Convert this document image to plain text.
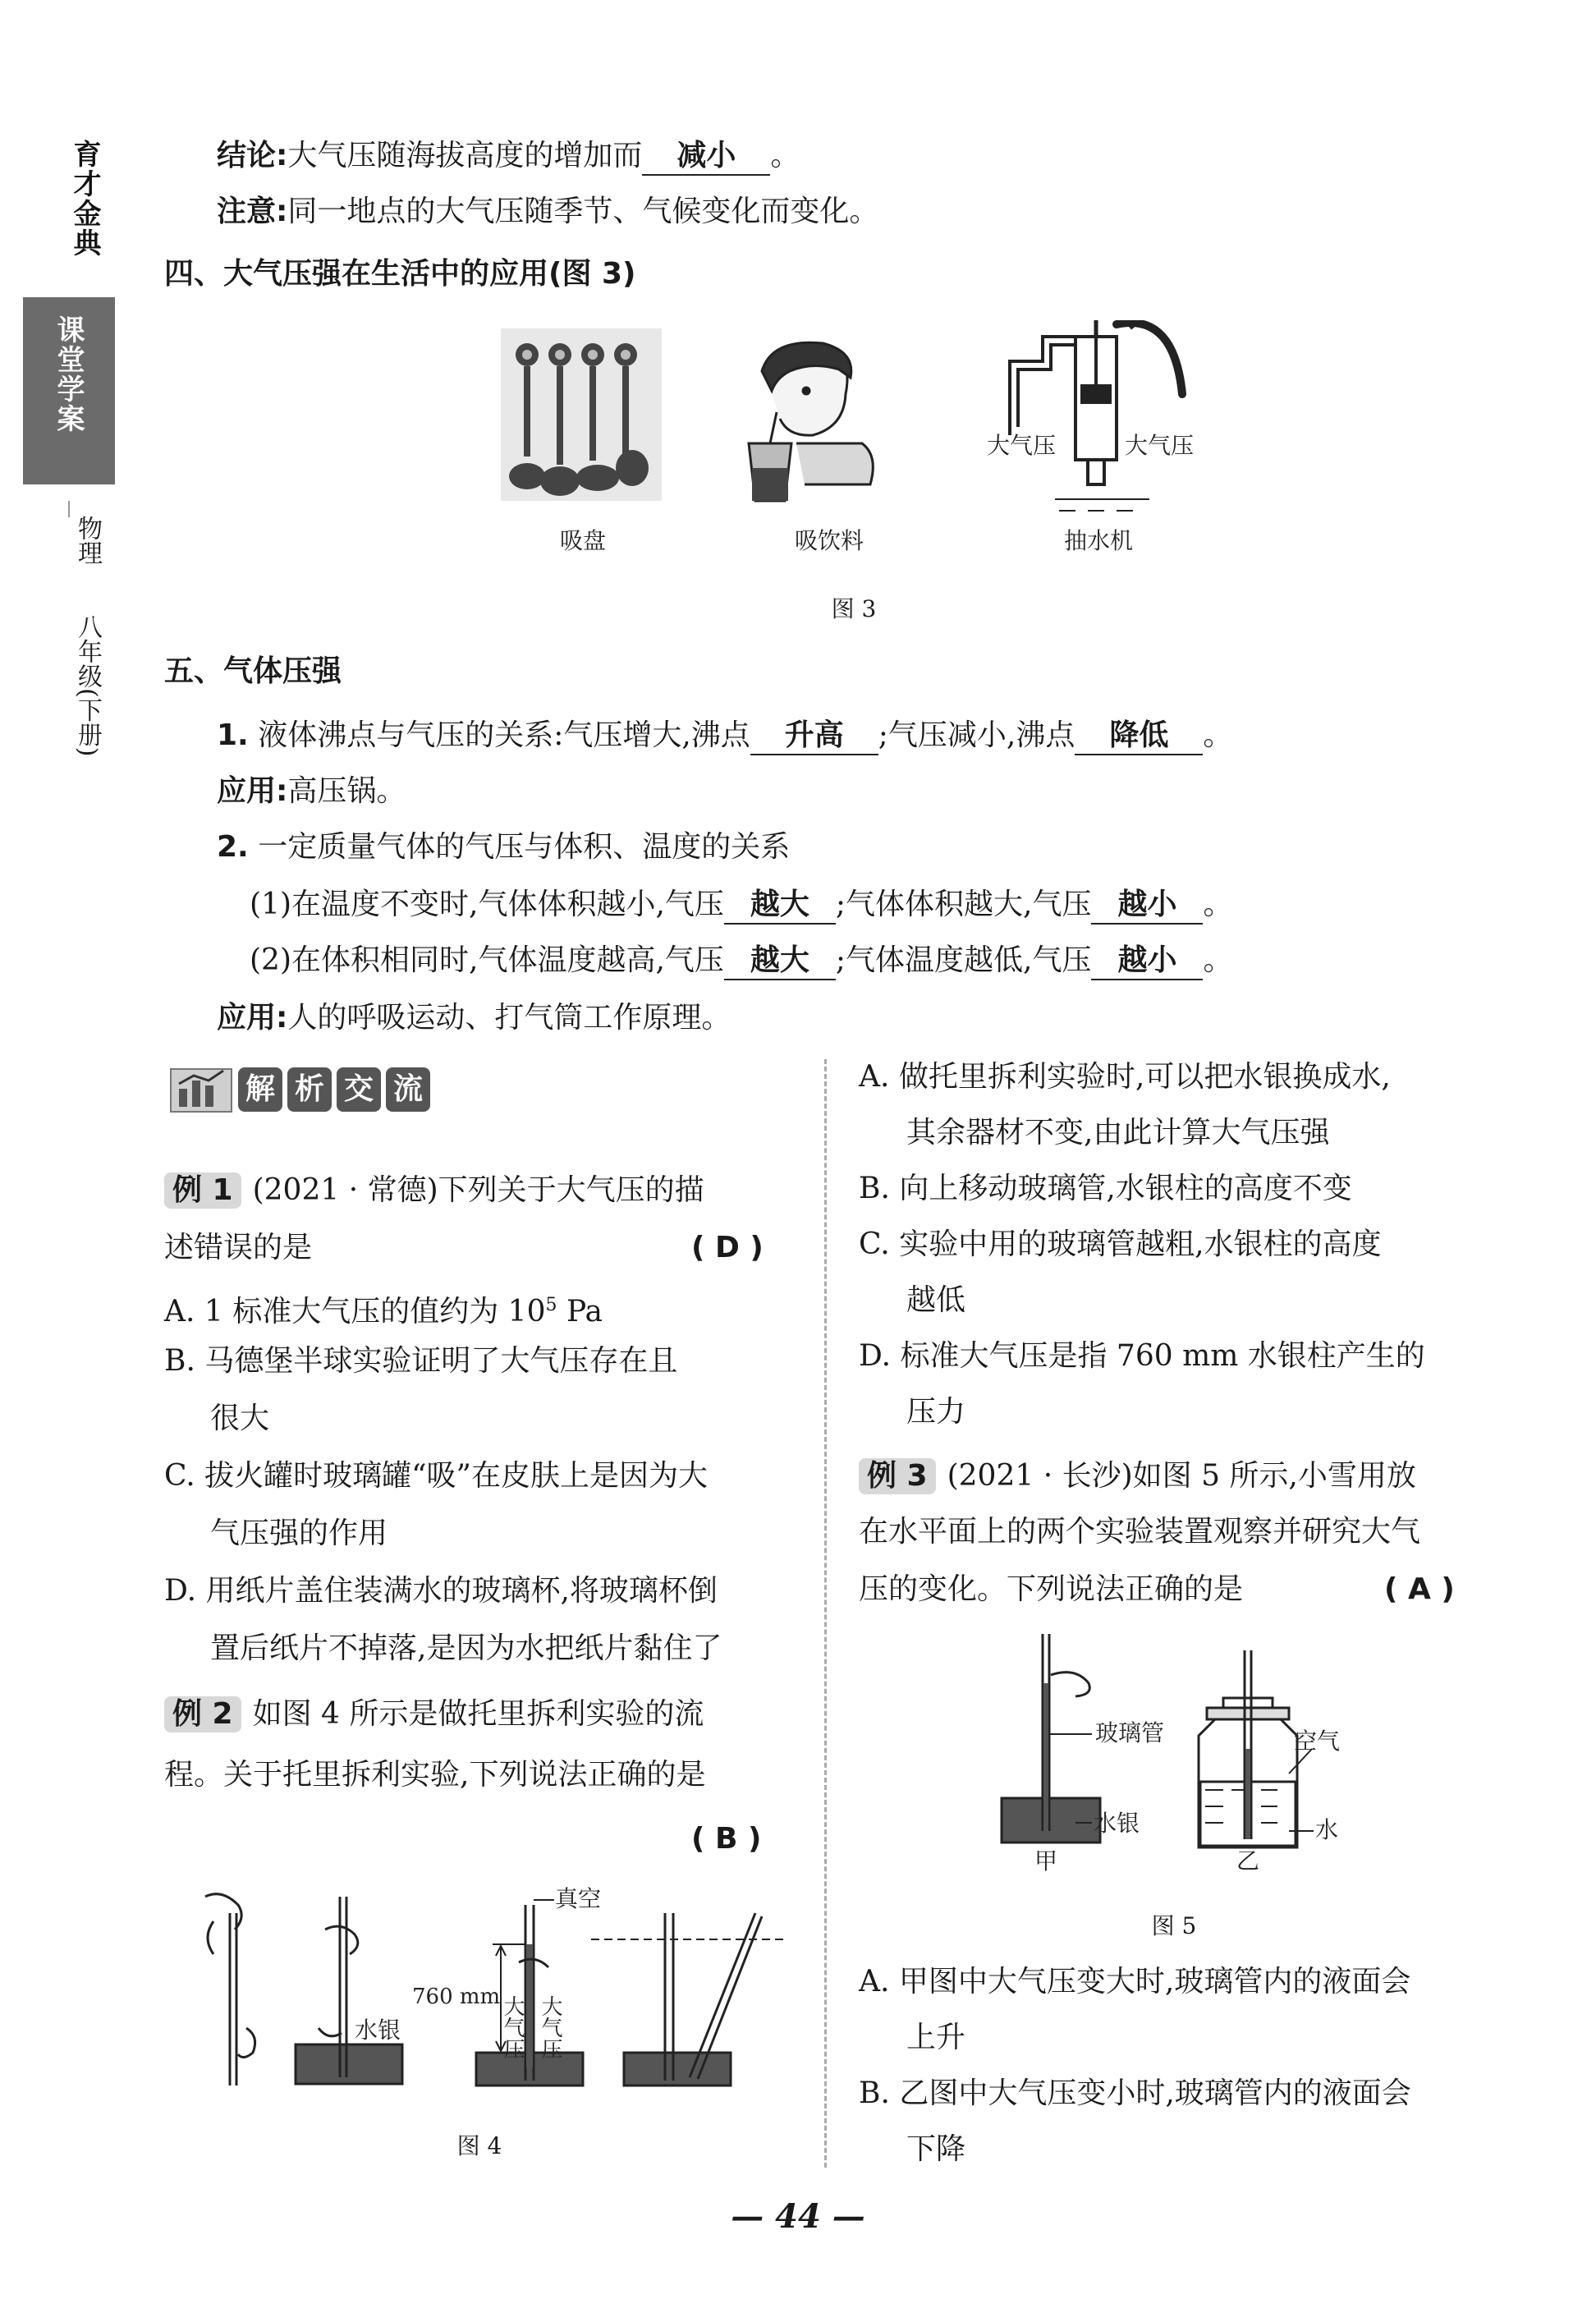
育才金典
课堂学案
物理
八年级(下册)
结论:大气压随海拔高度的增加而 减小 。
注意:同一地点的大气压随季节、气候变化而变化。
四、大气压强在生活中的应用(图 3)
大气压	大气压
吸盘	吸饮料	抽水机
图 3
五、气体压强
1. 液体沸点与气压的关系:气压增大,沸点 升高 ;气压减小,沸点 降低 。
应用:高压锅。
2. 一定质量气体的气压与体积、温度的关系
(1)在温度不变时,气体体积越小,气压 越大 ;气体体积越大,气压 越小 。
(2)在体积相同时,气体温度越高,气压 越大 ;气体温度越低,气压 越小 。
应用:人的呼吸运动、打气筒工作原理。
解 析 交 流
例 1 (2021 · 常德)下列关于大气压的描
述错误的是	( D )
A. 1 标准大气压的值约为 $10^5$ Pa
B. 马德堡半球实验证明了大气压存在且
很大
C. 拔火罐时玻璃罐“吸”在皮肤上是因为大
气压强的作用
D. 用纸片盖住装满水的玻璃杯,将玻璃杯倒
置后纸片不掉落,是因为水把纸片黏住了
例 2 如图 4 所示是做托里拆利实验的流
程。关于托里拆利实验,下列说法正确的是
( B )
水银
真空
760 mm 大气压 大气压
图 4
A. 做托里拆利实验时,可以把水银换成水,
其余器材不变,由此计算大气压强
B. 向上移动玻璃管,水银柱的高度不变
C. 实验中用的玻璃管越粗,水银柱的高度
越低
D. 标准大气压是指 760 mm 水银柱产生的
压力
例 3 (2021 · 长沙)如图 5 所示,小雪用放
在水平面上的两个实验装置观察并研究大气
压的变化。下列说法正确的是	( A )
玻璃管
水银
空气
水
甲	乙
图 5
A. 甲图中大气压变大时,玻璃管内的液面会
上升
B. 乙图中大气压变小时,玻璃管内的液面会
下降
— 44 —
